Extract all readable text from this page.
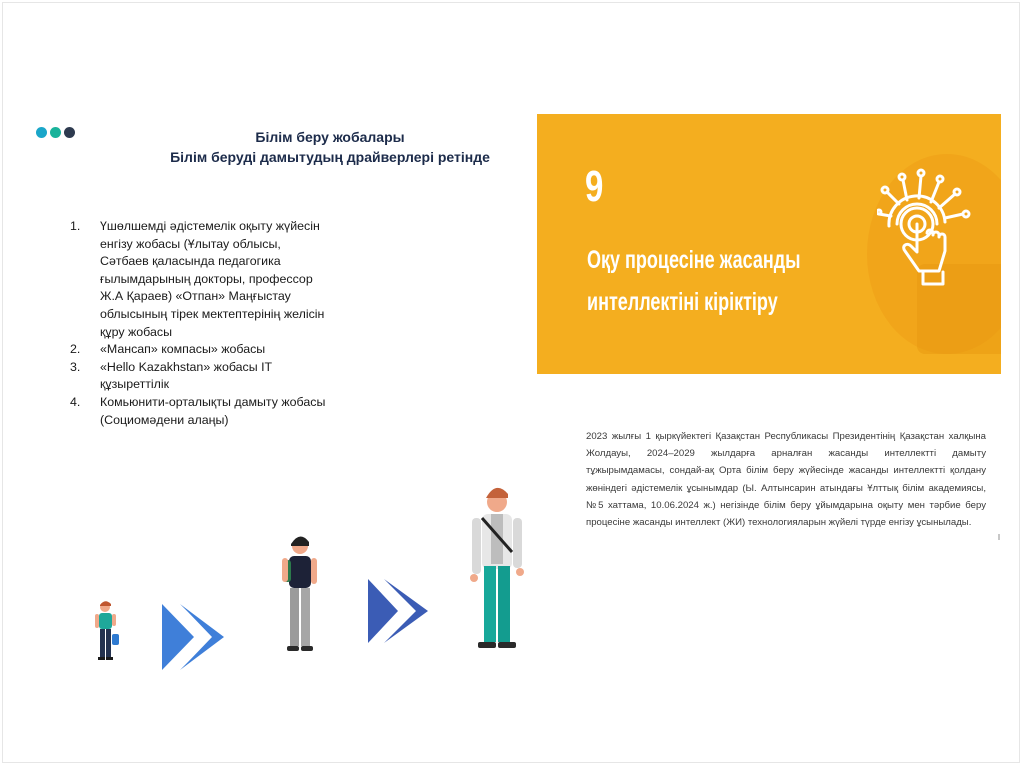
Білім беру жобалары
Білім беруді дамытудың драйверлері ретінде
1.	Үшөлшемді әдістемелік оқыту жүйесін енгізу жобасы (Ұлытау облысы, Сәтбаев қаласында педагогика ғылымдарының докторы, профессор Ж.А Қараев) «Отпан» Маңғыстау облысының тірек мектептерінің желісін құру жобасы
2.	«Мансап» компасы» жобасы
3.	«Hello Kazakhstan» жобасы IT құзыреттілік
4.	Комьюнити-орталықты дамыту жобасы (Социомәдени алаңы)
9
Оқу процесіне жасанды
интеллектіні кіріктіру
2023 жылғы 1 қыркүйектегі Қазақстан Республикасы Президентінің Қазақстан халқына Жолдауы, 2024–2029 жылдарға арналған жасанды интеллектті дамыту тұжырымдамасы, сондай-ақ Орта білім беру жүйесінде жасанды интеллектті қолдану жөніндегі әдістемелік ұсынымдар (Ы. Алтынсарин атындағы Ұлттық білім академиясы, №5 хаттама, 10.06.2024 ж.) негізінде білім беру ұйымдарына оқыту мен тәрбие беру процесіне жасанды интеллект (ЖИ) технологияларын жүйелі түрде енгізу ұсынылады.
